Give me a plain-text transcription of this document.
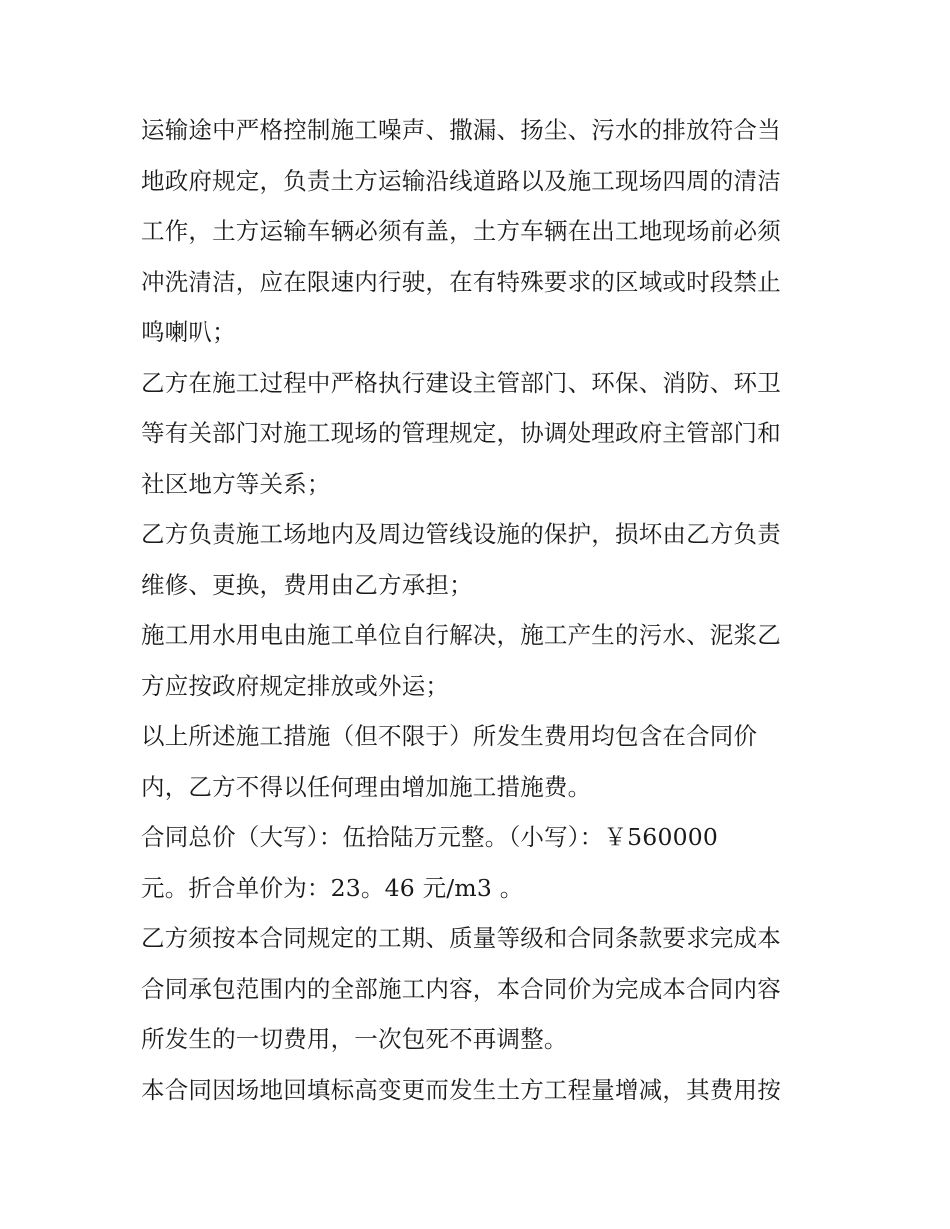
运输途中严格控制施工噪声、撒漏、扬尘、污水的排放符合当
地政府规定，负责土方运输沿线道路以及施工现场四周的清洁
工作，土方运输车辆必须有盖，土方车辆在出工地现场前必须
冲洗清洁，应在限速内行驶，在有特殊要求的区域或时段禁止
鸣喇叭；
乙方在施工过程中严格执行建设主管部门、环保、消防、环卫
等有关部门对施工现场的管理规定，协调处理政府主管部门和
社区地方等关系；
乙方负责施工场地内及周边管线设施的保护，损坏由乙方负责
维修、更换，费用由乙方承担；
施工用水用电由施工单位自行解决，施工产生的污水、泥浆乙
方应按政府规定排放或外运；
以上所述施工措施（但不限于）所发生费用均包含在合同价
内，乙方不得以任何理由增加施工措施费。
合同总价（大写）：伍拾陆万元整。（小写）：￥560000
元。折合单价为：23。46 元/m3 。
乙方须按本合同规定的工期、质量等级和合同条款要求完成本
合同承包范围内的全部施工内容，本合同价为完成本合同内容
所发生的一切费用，一次包死不再调整。
本合同因场地回填标高变更而发生土方工程量增减，其费用按
